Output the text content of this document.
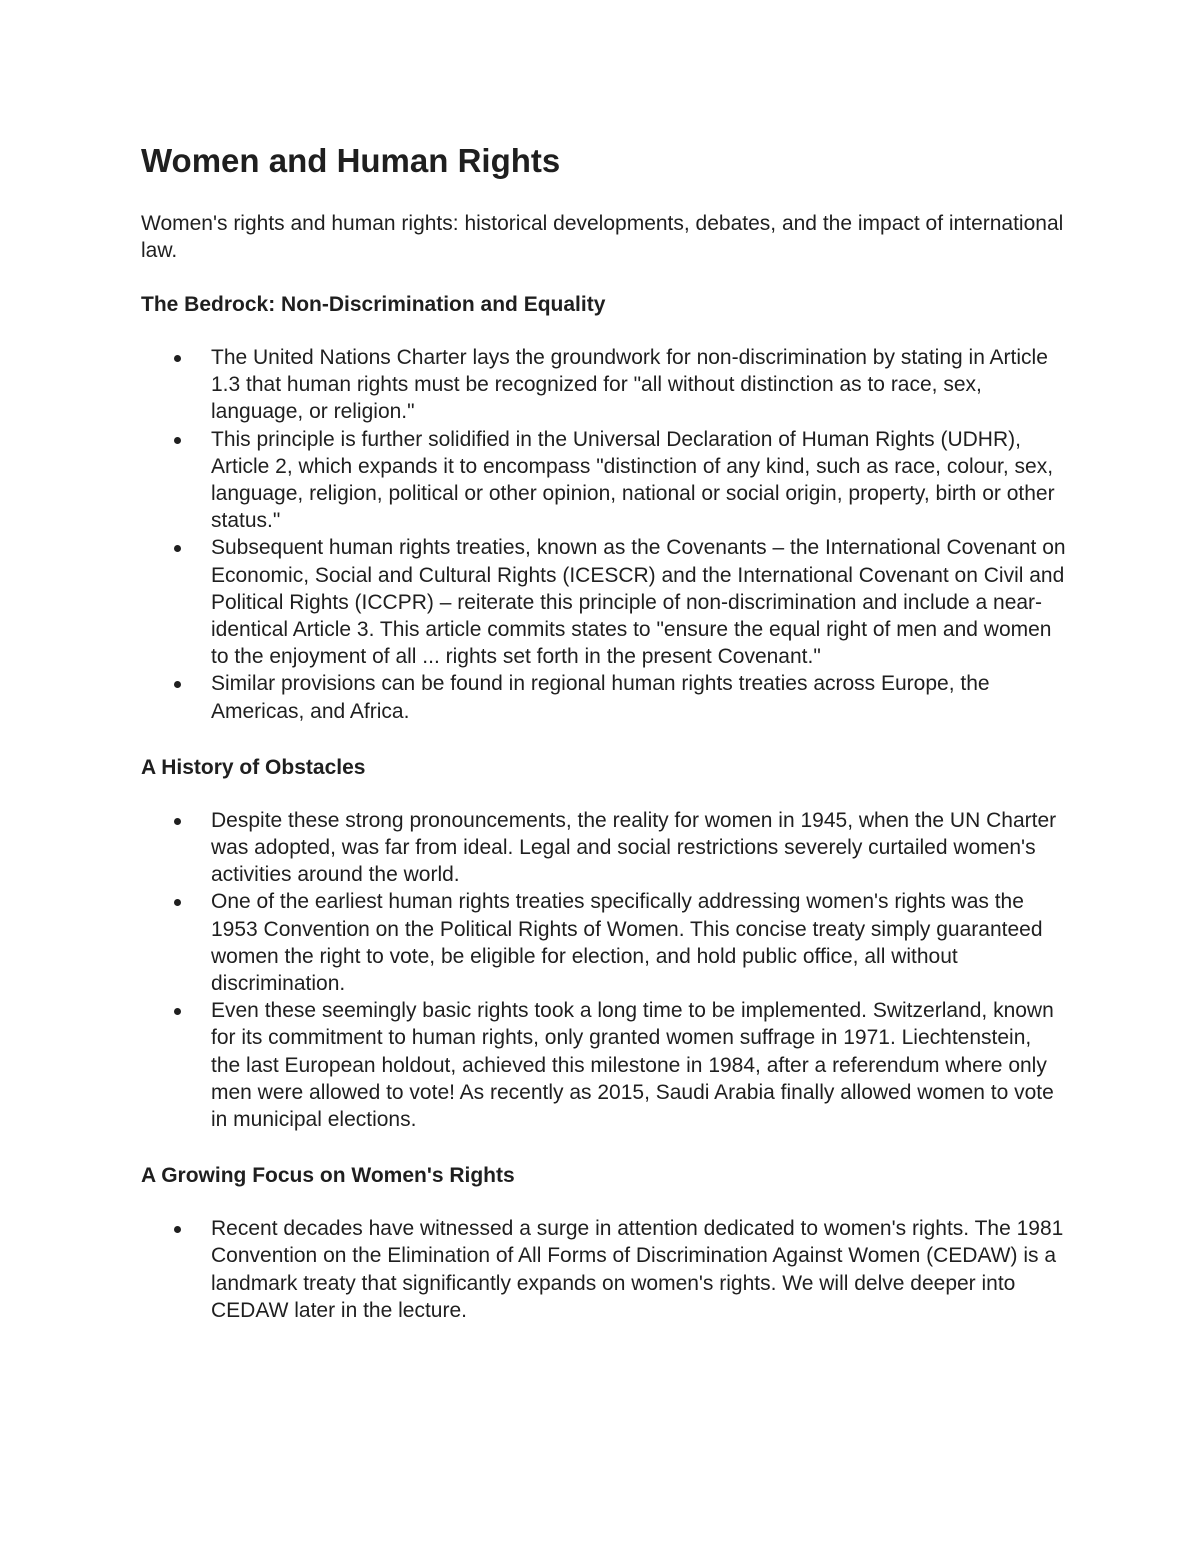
Women and Human Rights

Women's rights and human rights: historical developments, debates, and the impact of international law.

The Bedrock: Non-Discrimination and Equality
The United Nations Charter lays the groundwork for non-discrimination by stating in Article 1.3 that human rights must be recognized for "all without distinction as to race, sex, language, or religion."
This principle is further solidified in the Universal Declaration of Human Rights (UDHR), Article 2, which expands it to encompass "distinction of any kind, such as race, colour, sex, language, religion, political or other opinion, national or social origin, property, birth or other status."
Subsequent human rights treaties, known as the Covenants – the International Covenant on Economic, Social and Cultural Rights (ICESCR) and the International Covenant on Civil and Political Rights (ICCPR) – reiterate this principle of non-discrimination and include a near-identical Article 3. This article commits states to "ensure the equal right of men and women to the enjoyment of all ... rights set forth in the present Covenant."
Similar provisions can be found in regional human rights treaties across Europe, the Americas, and Africa.
A History of Obstacles
Despite these strong pronouncements, the reality for women in 1945, when the UN Charter was adopted, was far from ideal. Legal and social restrictions severely curtailed women's activities around the world.
One of the earliest human rights treaties specifically addressing women's rights was the 1953 Convention on the Political Rights of Women. This concise treaty simply guaranteed women the right to vote, be eligible for election, and hold public office, all without discrimination.
Even these seemingly basic rights took a long time to be implemented. Switzerland, known for its commitment to human rights, only granted women suffrage in 1971. Liechtenstein, the last European holdout, achieved this milestone in 1984, after a referendum where only men were allowed to vote! As recently as 2015, Saudi Arabia finally allowed women to vote in municipal elections.
A Growing Focus on Women's Rights
Recent decades have witnessed a surge in attention dedicated to women's rights. The 1981 Convention on the Elimination of All Forms of Discrimination Against Women (CEDAW) is a landmark treaty that significantly expands on women's rights. We will delve deeper into CEDAW later in the lecture.
